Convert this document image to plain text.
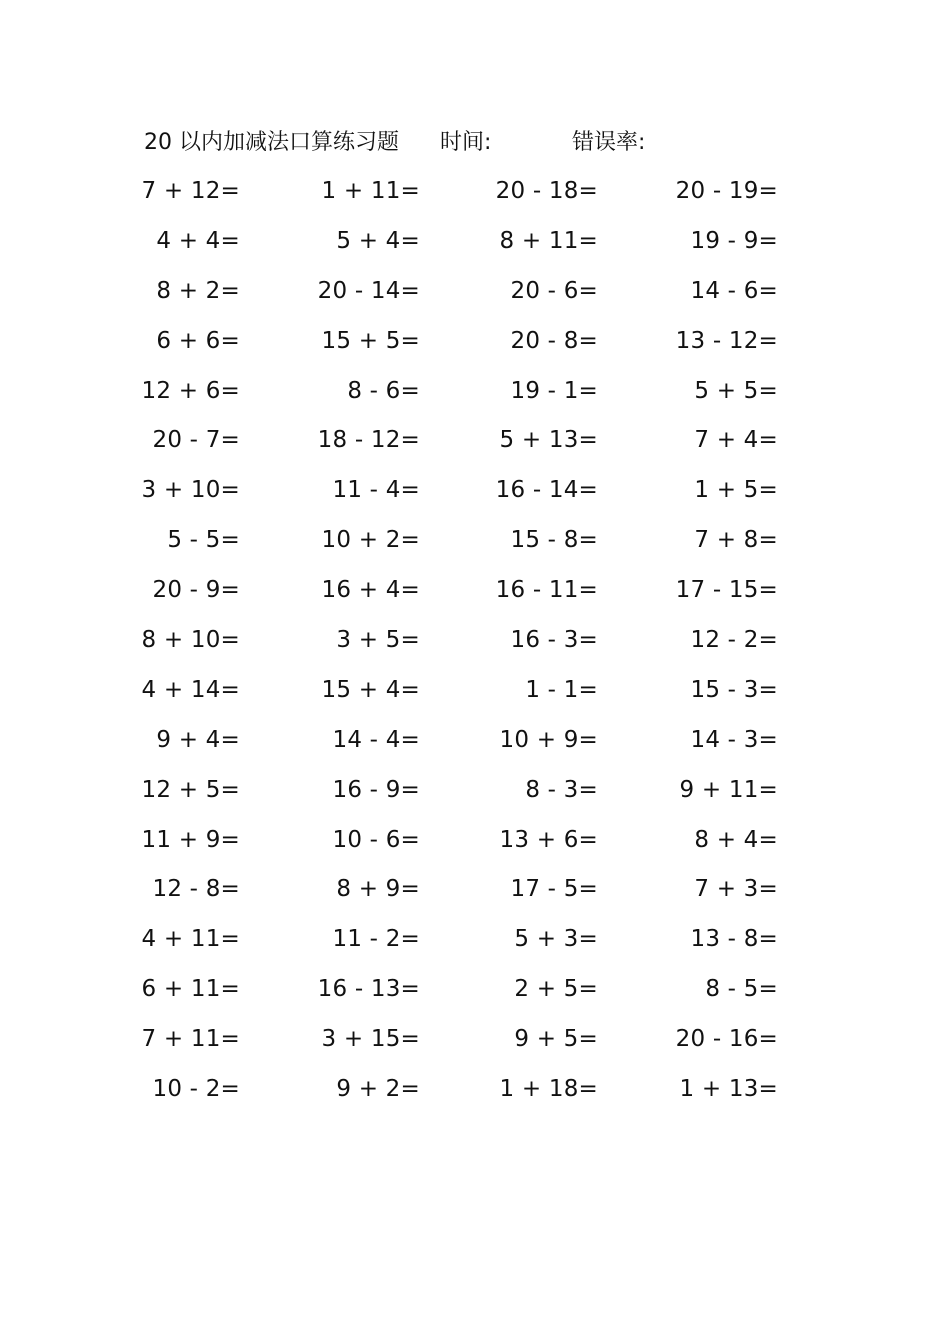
20 以内加减法口算练习题 时间:	错误率:
7 + 12=	1 + 11=	20 - 18=	20 - 19=
4 + 4=	5 + 4=	8 + 11=	19 - 9=
8 + 2=	20 - 14=	20 - 6=	14 - 6=
6 + 6=	15 + 5=	20 - 8=	13 - 12=
12 + 6=	8 - 6=	19 - 1=	5 + 5=
20 - 7=	18 - 12=	5 + 13=	7 + 4=
3 + 10=	11 - 4=	16 - 14=	1 + 5=
5 - 5=	10 + 2=	15 - 8=	7 + 8=
20 - 9=	16 + 4=	16 - 11=	17 - 15=
8 + 10=	3 + 5=	16 - 3=	12 - 2=
4 + 14=	15 + 4=	1 - 1=	15 - 3=
9 + 4=	14 - 4=	10 + 9=	14 - 3=
12 + 5=	16 - 9=	8 - 3=	9 + 11=
11 + 9=	10 - 6=	13 + 6=	8 + 4=
12 - 8=	8 + 9=	17 - 5=	7 + 3=
4 + 11=	11 - 2=	5 + 3=	13 - 8=
6 + 11=	16 - 13=	2 + 5=	8 - 5=
7 + 11=	3 + 15=	9 + 5=	20 - 16=
10 - 2=	9 + 2=	1 + 18=	1 + 13=
